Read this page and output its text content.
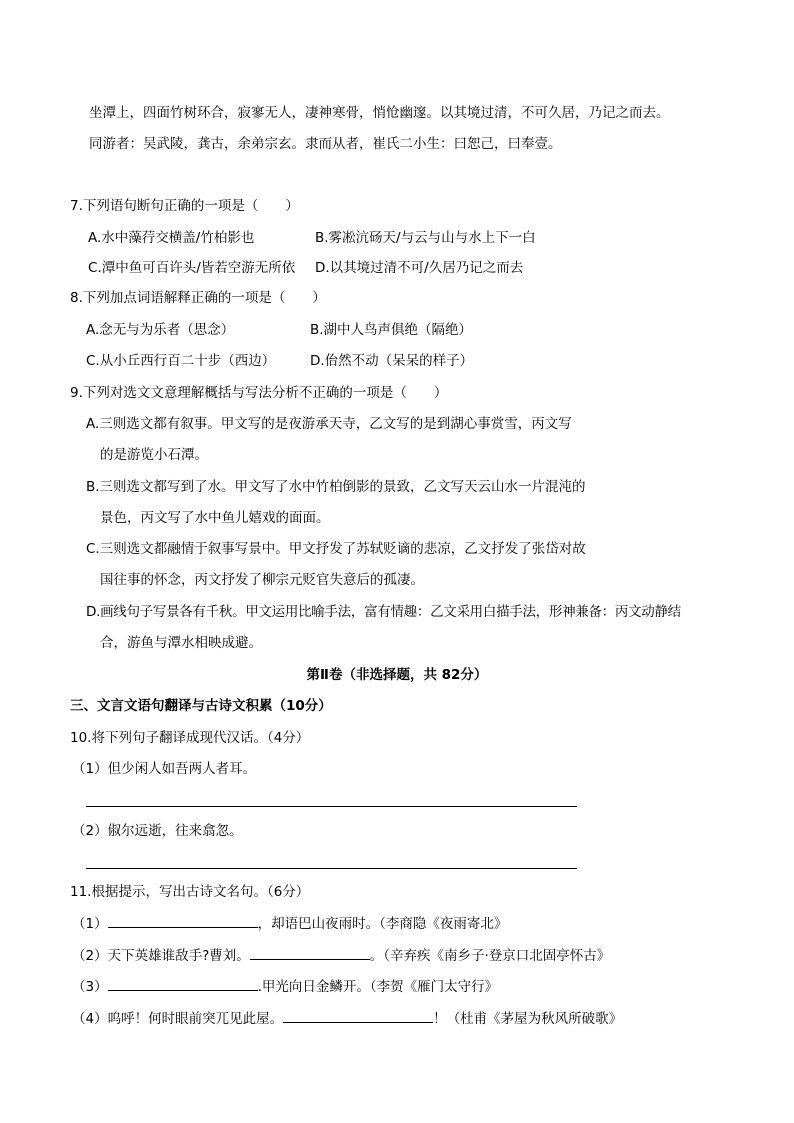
坐潭上，四面竹树环合，寂寥无人，凄神寒骨，悄怆幽邃。以其境过清，不可久居，乃记之而去。
同游者：吴武陵，龚古，余弟宗玄。隶而从者，崔氏二小生：曰恕己，曰奉壹。
7.下列语句断句正确的一项是（　　）
A.水中藻荇交横盖/竹柏影也	B.雾凇沆砀天/与云与山与水上下一白
C.潭中鱼可百许头/皆若空游无所依 D.以其境过清不可/久居乃记之而去
8.下列加点词语解释正确的一项是（　　）
A.念无与为乐者（思念）	B.湖中人鸟声俱绝（隔绝）
C.从小丘西行百二十步（西边）	D.佁然不动（呆呆的样子）
9.下列对选文文意理解概括与写法分析不正确的一项是（　　）
A.三则选文都有叙事。甲文写的是夜游承天寺，乙文写的是到湖心事赏雪，丙文写
的是游览小石潭。
B.三则选文都写到了水。甲文写了水中竹柏倒影的景致，乙文写天云山水一片混沌的
景色，丙文写了水中鱼儿嬉戏的面面。
C.三则选文都融情于叙事写景中。甲文抒发了苏轼贬谪的悲凉，乙文抒发了张岱对故
国往事的怀念，丙文抒发了柳宗元贬官失意后的孤凄。
D.画线句子写景各有千秋。甲文运用比喻手法，富有情趣：乙文采用白描手法，形神兼备：丙文动静结
合，游鱼与潭水相映成避。
第Ⅱ卷（非选择题，共 82分）
三、文言文语句翻译与古诗文积累（10分）
10.将下列句子翻译成现代汉话。（4分）
（1）但少闲人如吾两人者耳。
（2）俶尔远逝，往来翕忽。
11.根据提示，写出古诗文名句。（6分）
（1）	，却语巴山夜雨时。（李商隐《夜雨寄北》
（2）天下英雄谁敌手?曹刘。	。（辛弃疾《南乡子·登京口北固亭怀古》
（3）	.甲光向日金鳞开。（李贺《雁门太守行》
（4）呜呼！何时眼前突兀见此屋。	！（杜甫《茅屋为秋风所破歌》
